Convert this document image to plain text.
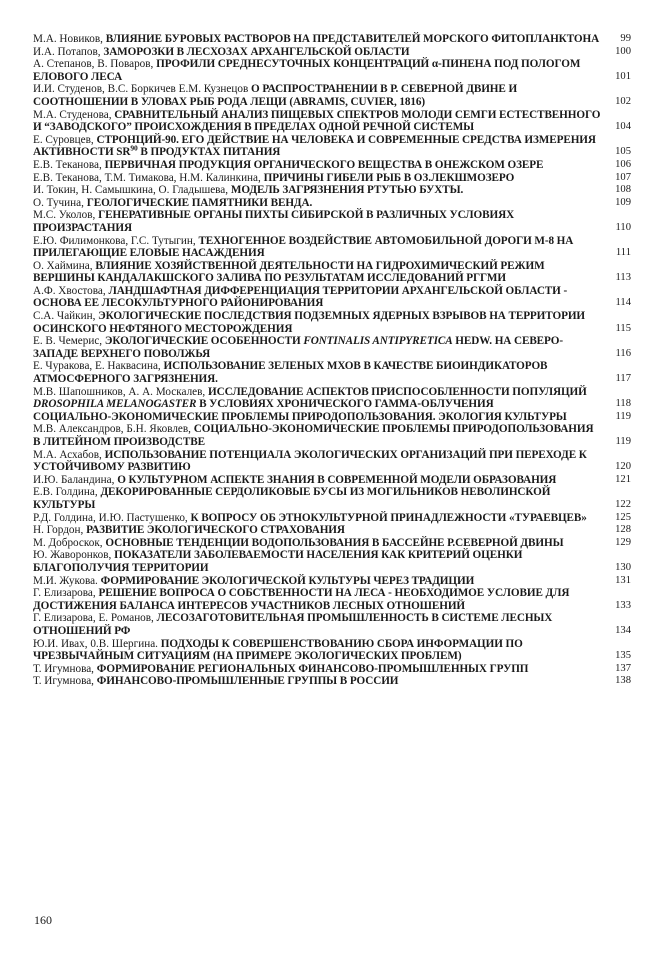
М.А. Новиков, ВЛИЯНИЕ БУРОВЫХ РАСТВОРОВ НА ПРЕДСТАВИТЕЛЕЙ МОРСКОГО ФИТОПЛАНКТОНА	99
И.А. Потапов, ЗАМОРОЗКИ В ЛЕСХОЗАХ АРХАНГЕЛЬСКОЙ ОБЛАСТИ	100
А. Степанов, В. Поваров, ПРОФИЛИ СРЕДНЕСУТОЧНЫХ КОНЦЕНТРАЦИЙ α-ПИНЕНА ПОД ПОЛОГОМ ЕЛОВОГО ЛЕСА	101
И.И. Студенов, В.С. Боркичев Е.М. Кузнецов О РАСПРОСТРАНЕНИИ В Р. СЕВЕРНОЙ ДВИНЕ И СООТНОШЕНИИ В УЛОВАХ РЫБ РОДА ЛЕЩИ (ABRAMIS, CUVIER, 1816)	102
М.А. Студенова, СРАВНИТЕЛЬНЫЙ АНАЛИЗ ПИЩЕВЫХ СПЕКТРОВ МОЛОДИ СЕМГИ ЕСТЕСТВЕННОГО И “ЗАВОДСКОГО” ПРОИСХОЖДЕНИЯ В ПРЕДЕЛАХ ОДНОЙ РЕЧНОЙ СИСТЕМЫ	104
Е. Суровцев, СТРОНЦИЙ-90. ЕГО ДЕЙСТВИЕ НА ЧЕЛОВЕКА И СОВРЕМЕННЫЕ СРЕДСТВА ИЗМЕРЕНИЯ АКТИВНОСТИ SR$^{90}$ В ПРОДУКТАХ ПИТАНИЯ	105
Е.В. Теканова, ПЕРВИЧНАЯ ПРОДУКЦИЯ ОРГАНИЧЕСКОГО ВЕЩЕСТВА В ОНЕЖСКОМ ОЗЕРЕ	106
Е.В. Теканова, Т.М. Тимакова, Н.М. Калинкина, ПРИЧИНЫ ГИБЕЛИ РЫБ В ОЗ.ЛЕКШМОЗЕРО	107
И. Токин, Н. Самышкина, О. Гладышева, МОДЕЛЬ ЗАГРЯЗНЕНИЯ РТУТЬЮ БУХТЫ.	108
О. Тучина, ГЕОЛОГИЧЕСКИЕ ПАМЯТНИКИ ВЕНДА.	109
М.С. Уколов, ГЕНЕРАТИВНЫЕ ОРГАНЫ ПИХТЫ СИБИРСКОЙ В РАЗЛИЧНЫХ УСЛОВИЯХ ПРОИЗРАСТАНИЯ	110
Е.Ю. Филимонкова, Г.С. Тутыгин, ТЕХНОГЕННОЕ ВОЗДЕЙСТВИЕ АВТОМОБИЛЬНОЙ ДОРОГИ М-8 НА ПРИЛЕГАЮЩИЕ ЕЛОВЫЕ НАСАЖДЕНИЯ	111
О. Хаймина, ВЛИЯНИЕ ХОЗЯЙСТВЕННОЙ ДЕЯТЕЛЬНОСТИ НА ГИДРОХИМИЧЕСКИЙ РЕЖИМ ВЕРШИНЫ КАНДАЛАКШСКОГО ЗАЛИВА ПО РЕЗУЛЬТАТАМ ИССЛЕДОВАНИЙ РГГМИ	113
А.Ф. Хвостова, ЛАНДШАФТНАЯ ДИФФЕРЕНЦИАЦИЯ ТЕРРИТОРИИ АРХАНГЕЛЬСКОЙ ОБЛАСТИ - ОСНОВА ЕЕ ЛЕСОКУЛЬТУРНОГО РАЙОНИРОВАНИЯ	114
С.А. Чайкин, ЭКОЛОГИЧЕСКИЕ ПОСЛЕДСТВИЯ ПОДЗЕМНЫХ ЯДЕРНЫХ ВЗРЫВОВ НА ТЕРРИТОРИИ ОСИНСКОГО НЕФТЯНОГО МЕСТОРОЖДЕНИЯ	115
Е. В. Чемерис, ЭКОЛОГИЧЕСКИЕ ОСОБЕННОСТИ FONTINALIS ANTIPYRETICA HEDW. НА СЕВЕРО-ЗАПАДЕ ВЕРХНЕГО ПОВОЛЖЬЯ	116
Е. Чуракова, Е. Наквасина, ИСПОЛЬЗОВАНИЕ ЗЕЛЕНЫХ МХОВ В КАЧЕСТВЕ БИОИНДИКАТОРОВ АТМОСФЕРНОГО ЗАГРЯЗНЕНИЯ.	117
М.В. Шапошников, А. А. Москалев, ИССЛЕДОВАНИЕ АСПЕКТОВ ПРИСПОСОБЛЕННОСТИ ПОПУЛЯЦИЙ DROSOPHILA MELANOGASTER В УСЛОВИЯХ ХРОНИЧЕСКОГО ГАММА-ОБЛУЧЕНИЯ	118
СОЦИАЛЬНО-ЭКОНОМИЧЕСКИЕ ПРОБЛЕМЫ ПРИРОДОПОЛЬЗОВАНИЯ. ЭКОЛОГИЯ КУЛЬТУРЫ	119
М.В. Александров, Б.Н. Яковлев, СОЦИАЛЬНО-ЭКОНОМИЧЕСКИЕ ПРОБЛЕМЫ ПРИРОДОПОЛЬЗОВАНИЯ В ЛИТЕЙНОМ ПРОИЗВОДСТВЕ	119
М.А. Асхабов, ИСПОЛЬЗОВАНИЕ ПОТЕНЦИАЛА ЭКОЛОГИЧЕСКИХ ОРГАНИЗАЦИЙ ПРИ ПЕРЕХОДЕ К УСТОЙЧИВОМУ РАЗВИТИЮ	120
И.Ю. Баландина, О КУЛЬТУРНОМ АСПЕКТЕ ЗНАНИЯ В СОВРЕМЕННОЙ МОДЕЛИ ОБРАЗОВАНИЯ	121
Е.В. Голдина, ДЕКОРИРОВАННЫЕ СЕРДОЛИКОВЫЕ БУСЫ ИЗ МОГИЛЬНИКОВ НЕВОЛИНСКОЙ КУЛЬТУРЫ	122
Р.Д. Голдина, И.Ю. Пастушенко, К ВОПРОСУ ОБ ЭТНОКУЛЬТУРНОЙ ПРИНАДЛЕЖНОСТИ «ТУРАЕВЦЕВ»	125
Н. Гордон, РАЗВИТИЕ ЭКОЛОГИЧЕСКОГО СТРАХОВАНИЯ	128
М. Доброскок, ОСНОВНЫЕ ТЕНДЕНЦИИ ВОДОПОЛЬЗОВАНИЯ В БАССЕЙНЕ Р.СЕВЕРНОЙ ДВИНЫ	129
Ю. Жаворонков, ПОКАЗАТЕЛИ ЗАБОЛЕВАЕМОСТИ НАСЕЛЕНИЯ КАК КРИТЕРИЙ ОЦЕНКИ БЛАГОПОЛУЧИЯ ТЕРРИТОРИИ	130
М.И. Жукова. ФОРМИРОВАНИЕ ЭКОЛОГИЧЕСКОЙ КУЛЬТУРЫ ЧЕРЕЗ ТРАДИЦИИ	131
Г. Елизарова, РЕШЕНИЕ ВОПРОСА О СОБСТВЕННОСТИ НА ЛЕСА - НЕОБХОДИМОЕ УСЛОВИЕ ДЛЯ ДОСТИЖЕНИЯ БАЛАНСА ИНТЕРЕСОВ УЧАСТНИКОВ ЛЕСНЫХ ОТНОШЕНИЙ	133
Г. Елизарова, Е. Романов, ЛЕСОЗАГОТОВИТЕЛЬНАЯ ПРОМЫШЛЕННОСТЬ В СИСТЕМЕ ЛЕСНЫХ ОТНОШЕНИЙ РФ	134
Ю.И. Ивах, 0.В. Шергина. ПОДХОДЫ К СОВЕРШЕНСТВОВАНИЮ СБОРА ИНФОРМАЦИИ ПО ЧРЕЗВЫЧАЙНЫМ СИТУАЦИЯМ (НА ПРИМЕРЕ ЭКОЛОГИЧЕСКИХ ПРОБЛЕМ)	135
Т. Игумнова, ФОРМИРОВАНИЕ РЕГИОНАЛЬНЫХ ФИНАНСОВО-ПРОМЫШЛЕННЫХ ГРУПП	137
Т. Игумнова, ФИНАНСОВО-ПРОМЫШЛЕННЫЕ ГРУППЫ В РОССИИ	138
160
